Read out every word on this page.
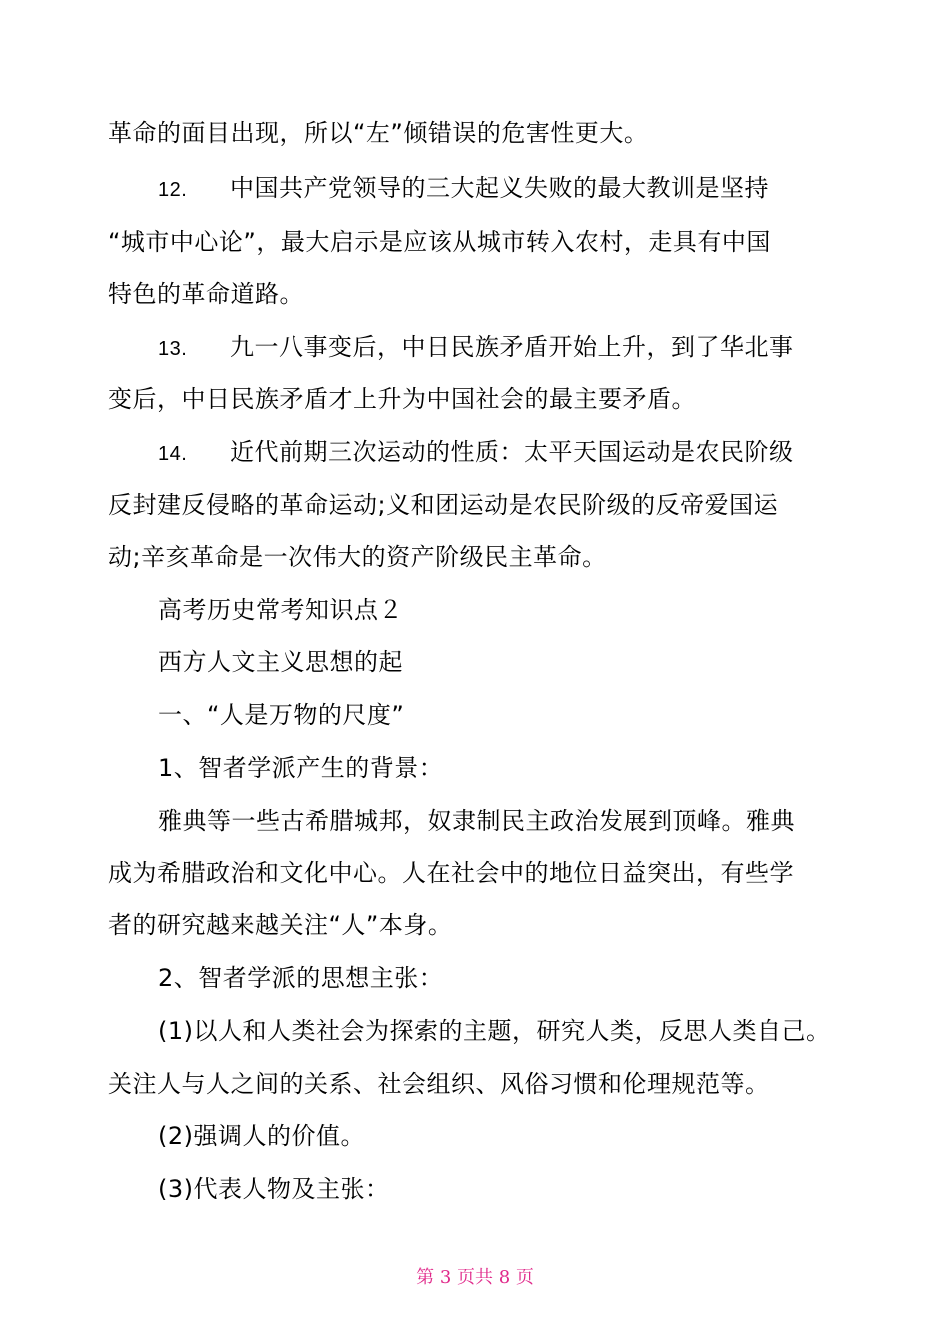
革命的面目出现，所以“左”倾错误的危害性更大。
12. 中国共产党领导的三大起义失败的最大教训是坚持
“城市中心论”，最大启示是应该从城市转入农村，走具有中国
特色的革命道路。
13. 九一八事变后，中日民族矛盾开始上升，到了华北事
变后，中日民族矛盾才上升为中国社会的最主要矛盾。
14. 近代前期三次运动的性质：太平天国运动是农民阶级
反封建反侵略的革命运动;义和团运动是农民阶级的反帝爱国运
动;辛亥革命是一次伟大的资产阶级民主革命。
高考历史常考知识点２
西方人文主义思想的起
一、“人是万物的尺度”
1、智者学派产生的背景：
雅典等一些古希腊城邦，奴隶制民主政治发展到顶峰。雅典
成为希腊政治和文化中心。人在社会中的地位日益突出，有些学
者的研究越来越关注“人”本身。
2、智者学派的思想主张：
(1)以人和人类社会为探索的主题，研究人类，反思人类自己。
关注人与人之间的关系、社会组织、风俗习惯和伦理规范等。
(2)强调人的价值。
(3)代表人物及主张：
第 3 页共 8 页
